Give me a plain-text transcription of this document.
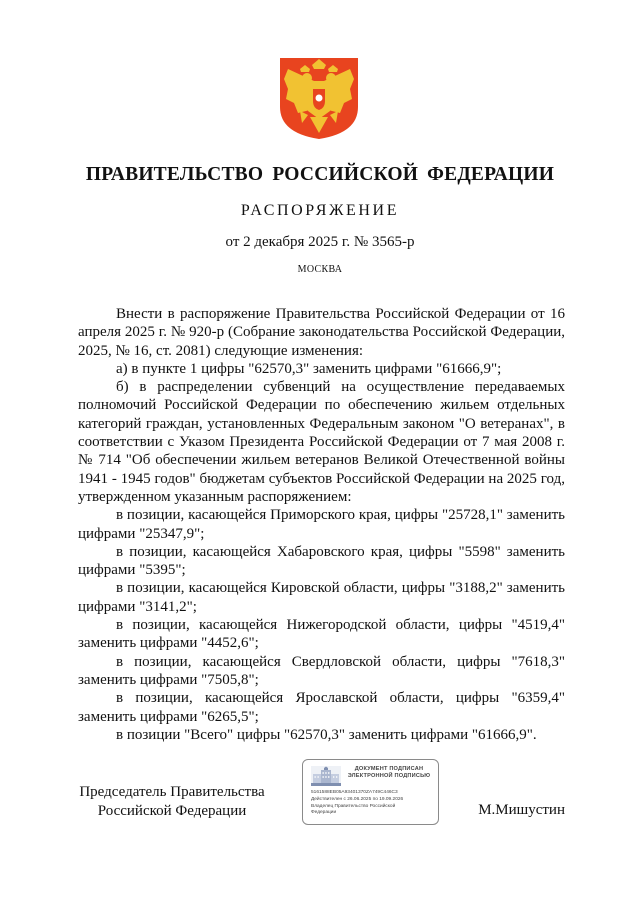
ПРАВИТЕЛЬСТВО РОССИЙСКОЙ ФЕДЕРАЦИИ
РАСПОРЯЖЕНИЕ
от 2 декабря 2025 г. № 3565-р
МОСКВА

Внести в распоряжение Правительства Российской Федерации от 16 апреля 2025 г. № 920-р (Собрание законодательства Российской Федерации, 2025, № 16, ст. 2081) следующие изменения:

а) в пункте 1 цифры "62570,3" заменить цифрами "61666,9";

б) в распределении субвенций на осуществление передаваемых полномочий Российской Федерации по обеспечению жильем отдельных категорий граждан, установленных Федеральным законом "О ветеранах", в соответствии с Указом Президента Российской Федерации от 7 мая 2008 г. № 714 "Об обеспечении жильем ветеранов Великой Отечественной войны 1941 - 1945 годов" бюджетам субъектов Российской Федерации на 2025 год, утвержденном указанным распоряжением:

в позиции, касающейся Приморского края, цифры "25728,1" заменить цифрами "25347,9";

в позиции, касающейся Хабаровского края, цифры "5598" заменить цифрами "5395";

в позиции, касающейся Кировской области, цифры "3188,2" заменить цифрами "3141,2";

в позиции, касающейся Нижегородской области, цифры "4519,4" заменить цифрами "4452,6";

в позиции, касающейся Свердловской области, цифры "7618,3" заменить цифрами "7505,8";

в позиции, касающейся Ярославской области, цифры "6359,4" заменить цифрами "6265,5";

в позиции "Всего" цифры "62570,3" заменить цифрами "61666,9".

Председатель Правительства
Российской Федерации
ДОКУМЕНТ ПОДПИСАН ЭЛЕКТРОННОЙ ПОДПИСЬЮ
5161588EB05A93401370ZA749C446C3
Действителен с 26.06.2025 по 19.09.2026
Владелец Правительство Российской
Федерации	М.Мишустин
